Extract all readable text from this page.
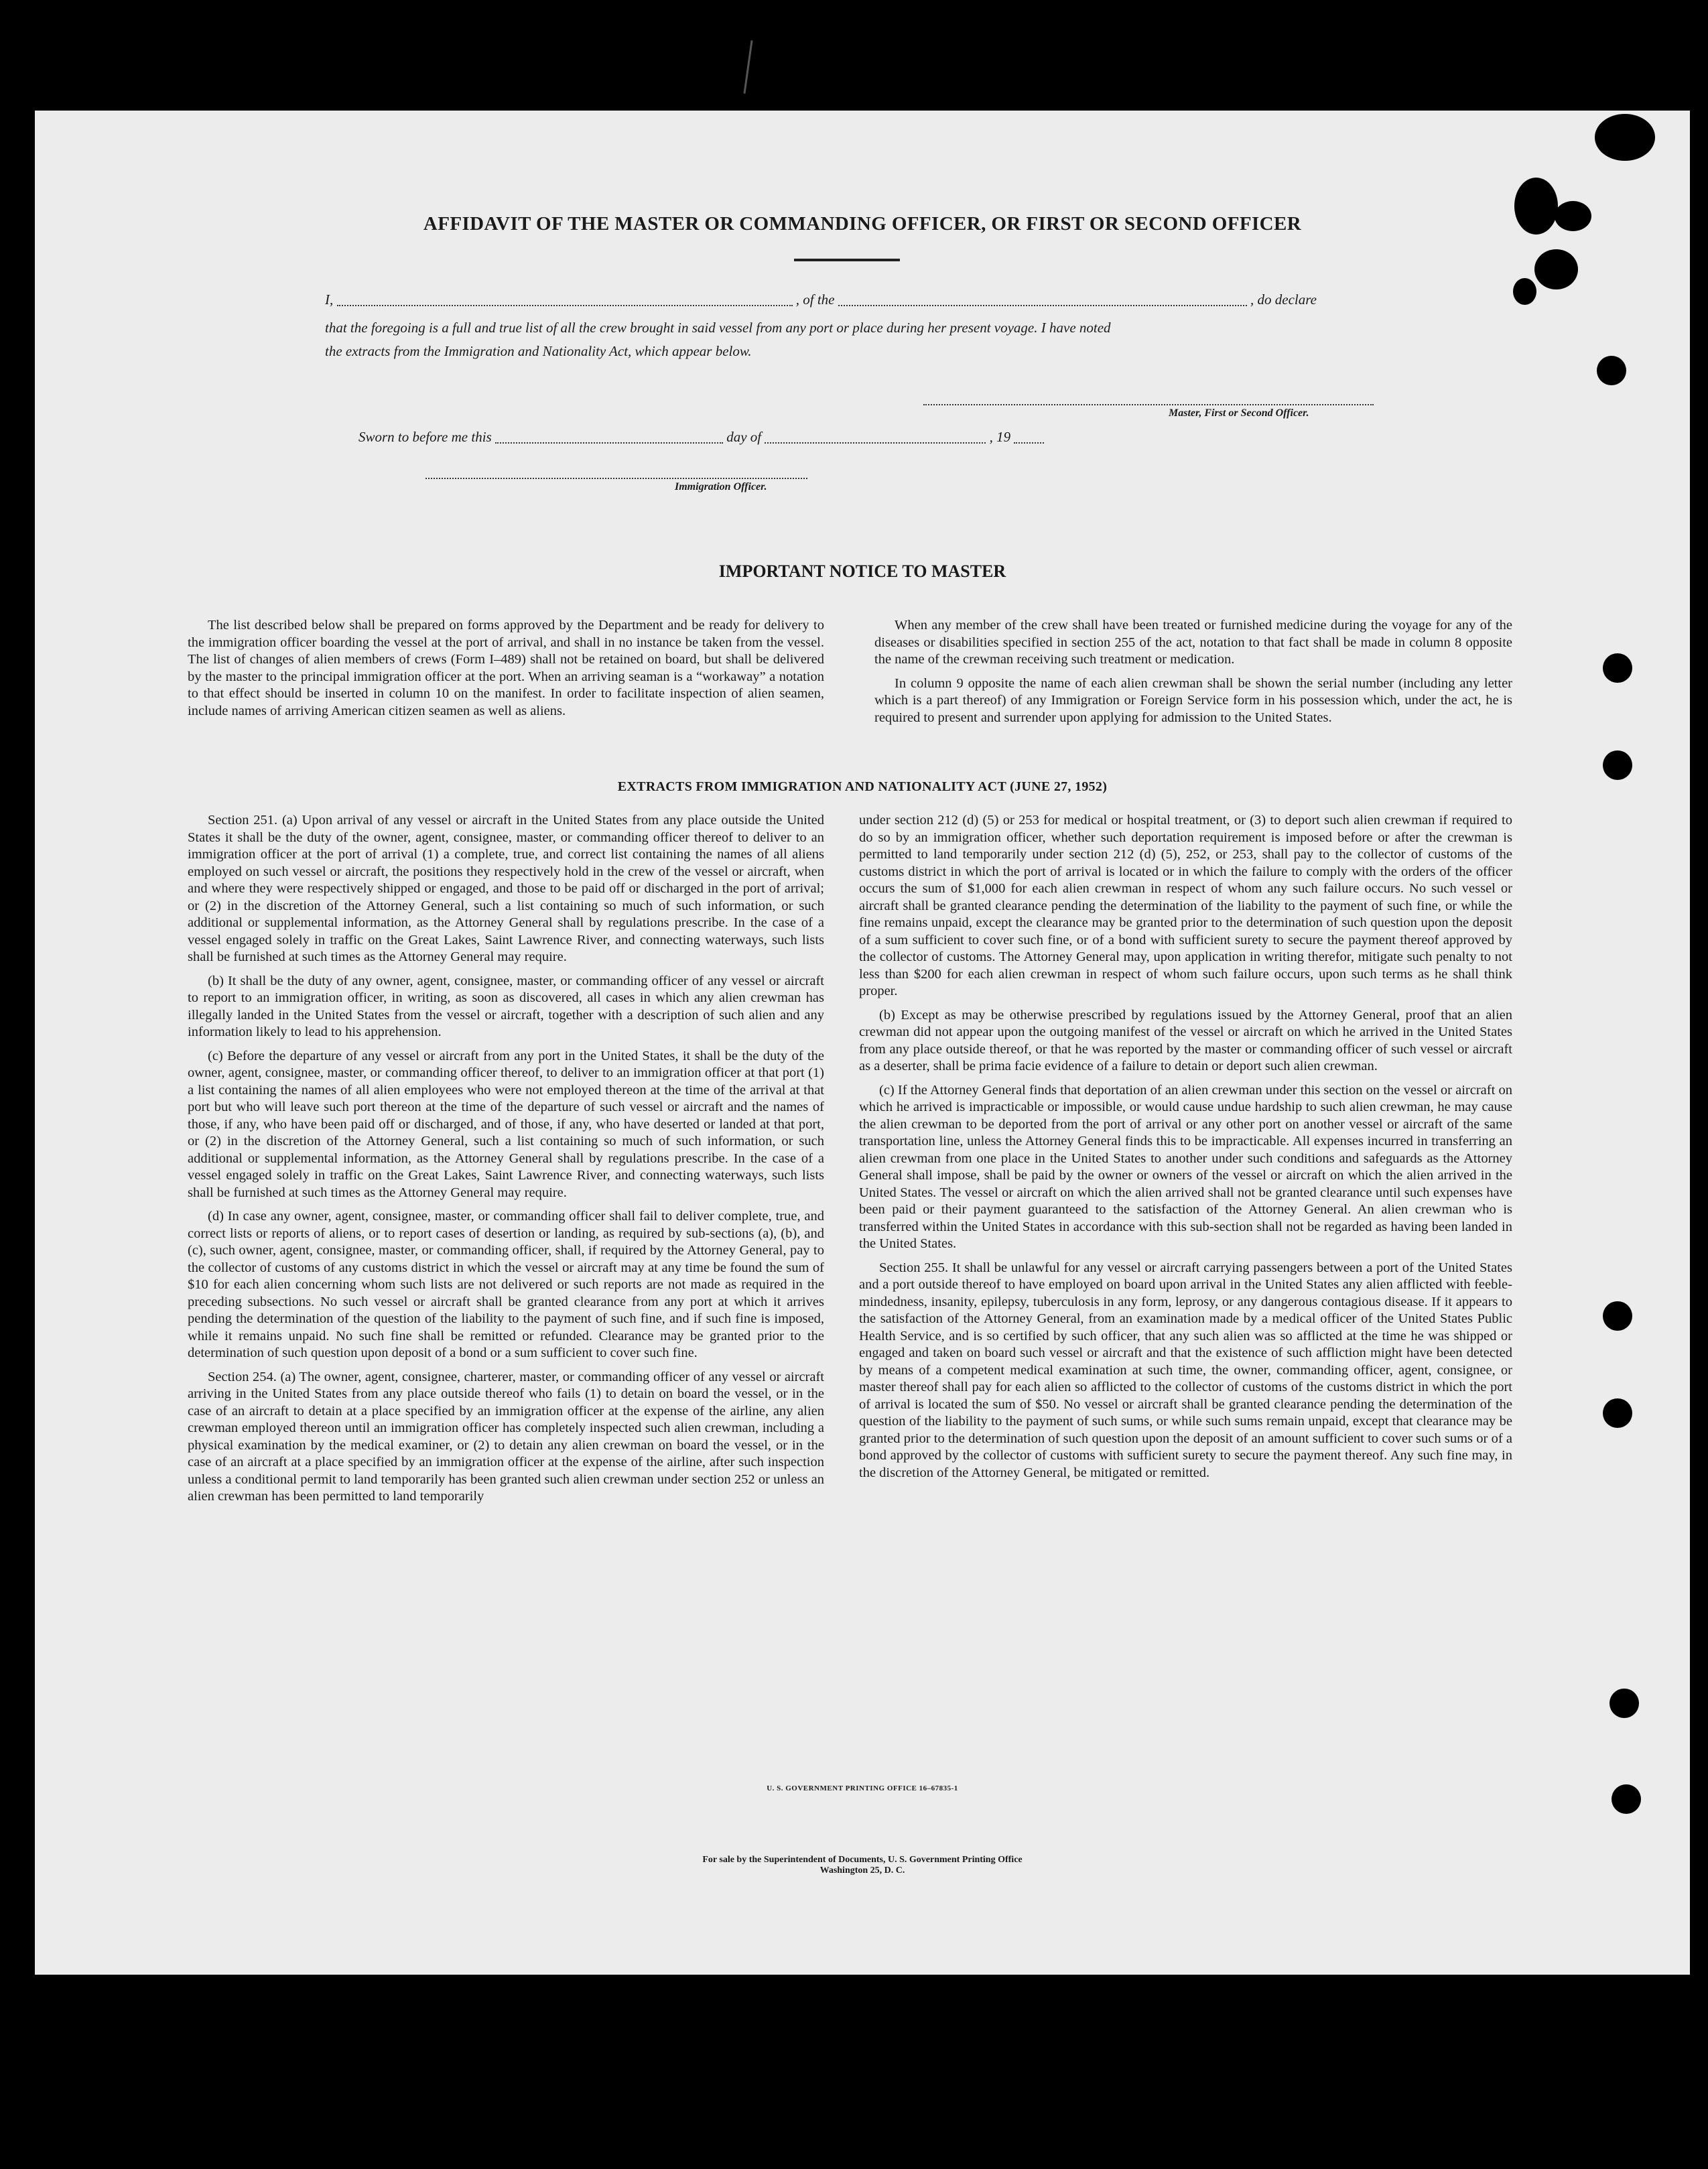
AFFIDAVIT OF THE MASTER OR COMMANDING OFFICER, OR FIRST OR SECOND OFFICER
I,	, of the	, do declare
that the foregoing is a full and true list of all the crew brought in said vessel from any port or place during her present voyage. I have noted
the extracts from the Immigration and Nationality Act, which appear below.
Master, First or Second Officer.
Sworn to before me this	day of	, 19
Immigration Officer.
IMPORTANT NOTICE TO MASTER

The list described below shall be prepared on forms approved by the Department and be ready for delivery to the immigration officer boarding the vessel at the port of arrival, and shall in no instance be taken from the vessel. The list of changes of alien members of crews (Form I–489) shall not be retained on board, but shall be delivered by the master to the principal immigration officer at the port. When an arriving seaman is a “workaway” a notation to that effect should be inserted in column 10 on the manifest. In order to facilitate inspection of alien seamen, include names of arriving American citizen seamen as well as aliens.

When any member of the crew shall have been treated or furnished medicine during the voyage for any of the diseases or disabilities specified in section 255 of the act, notation to that fact shall be made in column 8 opposite the name of the crewman receiving such treatment or medication.

In column 9 opposite the name of each alien crewman shall be shown the serial number (including any letter which is a part thereof) of any Immigration or Foreign Service form in his possession which, under the act, he is required to present and surrender upon applying for admission to the United States.

EXTRACTS FROM IMMIGRATION AND NATIONALITY ACT (JUNE 27, 1952)

Section 251. (a) Upon arrival of any vessel or aircraft in the United States from any place outside the United States it shall be the duty of the owner, agent, consignee, master, or commanding officer thereof to deliver to an immigration officer at the port of arrival (1) a complete, true, and correct list containing the names of all aliens employed on such vessel or aircraft, the positions they respectively hold in the crew of the vessel or aircraft, when and where they were respectively shipped or engaged, and those to be paid off or discharged in the port of arrival; or (2) in the discretion of the Attorney General, such a list containing so much of such information, or such additional or supplemental information, as the Attorney General shall by regulations prescribe. In the case of a vessel engaged solely in traffic on the Great Lakes, Saint Lawrence River, and connecting waterways, such lists shall be furnished at such times as the Attorney General may require.

(b) It shall be the duty of any owner, agent, consignee, master, or commanding officer of any vessel or aircraft to report to an immigration officer, in writing, as soon as discovered, all cases in which any alien crewman has illegally landed in the United States from the vessel or aircraft, together with a description of such alien and any information likely to lead to his apprehension.

(c) Before the departure of any vessel or aircraft from any port in the United States, it shall be the duty of the owner, agent, consignee, master, or commanding officer thereof, to deliver to an immigration officer at that port (1) a list containing the names of all alien employees who were not employed thereon at the time of the arrival at that port but who will leave such port thereon at the time of the departure of such vessel or aircraft and the names of those, if any, who have been paid off or discharged, and of those, if any, who have deserted or landed at that port, or (2) in the discretion of the Attorney General, such a list containing so much of such information, or such additional or supplemental information, as the Attorney General shall by regulations prescribe. In the case of a vessel engaged solely in traffic on the Great Lakes, Saint Lawrence River, and connecting waterways, such lists shall be furnished at such times as the Attorney General may require.

(d) In case any owner, agent, consignee, master, or commanding officer shall fail to deliver complete, true, and correct lists or reports of aliens, or to report cases of desertion or landing, as required by sub-sections (a), (b), and (c), such owner, agent, consignee, master, or commanding officer, shall, if required by the Attorney General, pay to the collector of customs of any customs district in which the vessel or aircraft may at any time be found the sum of $10 for each alien concerning whom such lists are not delivered or such reports are not made as required in the preceding subsections. No such vessel or aircraft shall be granted clearance from any port at which it arrives pending the determination of the question of the liability to the payment of such fine, and if such fine is imposed, while it remains unpaid. No such fine shall be remitted or refunded. Clearance may be granted prior to the determination of such question upon deposit of a bond or a sum sufficient to cover such fine.

Section 254. (a) The owner, agent, consignee, charterer, master, or commanding officer of any vessel or aircraft arriving in the United States from any place outside thereof who fails (1) to detain on board the vessel, or in the case of an aircraft to detain at a place specified by an immigration officer at the expense of the airline, any alien crewman employed thereon until an immigration officer has completely inspected such alien crewman, including a physical examination by the medical examiner, or (2) to detain any alien crewman on board the vessel, or in the case of an aircraft at a place specified by an immigration officer at the expense of the airline, after such inspection unless a conditional permit to land temporarily has been granted such alien crewman under section 252 or unless an alien crewman has been permitted to land temporarily

under section 212 (d) (5) or 253 for medical or hospital treatment, or (3) to deport such alien crewman if required to do so by an immigration officer, whether such deportation requirement is imposed before or after the crewman is permitted to land temporarily under section 212 (d) (5), 252, or 253, shall pay to the collector of customs of the customs district in which the port of arrival is located or in which the failure to comply with the orders of the officer occurs the sum of $1,000 for each alien crewman in respect of whom any such failure occurs. No such vessel or aircraft shall be granted clearance pending the determination of the liability to the payment of such fine, or while the fine remains unpaid, except the clearance may be granted prior to the determination of such question upon the deposit of a sum sufficient to cover such fine, or of a bond with sufficient surety to secure the payment thereof approved by the collector of customs. The Attorney General may, upon application in writing therefor, mitigate such penalty to not less than $200 for each alien crewman in respect of whom such failure occurs, upon such terms as he shall think proper.

(b) Except as may be otherwise prescribed by regulations issued by the Attorney General, proof that an alien crewman did not appear upon the outgoing manifest of the vessel or aircraft on which he arrived in the United States from any place outside thereof, or that he was reported by the master or commanding officer of such vessel or aircraft as a deserter, shall be prima facie evidence of a failure to detain or deport such alien crewman.

(c) If the Attorney General finds that deportation of an alien crewman under this section on the vessel or aircraft on which he arrived is impracticable or impossible, or would cause undue hardship to such alien crewman, he may cause the alien crewman to be deported from the port of arrival or any other port on another vessel or aircraft of the same transportation line, unless the Attorney General finds this to be impracticable. All expenses incurred in transferring an alien crewman from one place in the United States to another under such conditions and safeguards as the Attorney General shall impose, shall be paid by the owner or owners of the vessel or aircraft on which the alien arrived in the United States. The vessel or aircraft on which the alien arrived shall not be granted clearance until such expenses have been paid or their payment guaranteed to the satisfaction of the Attorney General. An alien crewman who is transferred within the United States in accordance with this sub-section shall not be regarded as having been landed in the United States.

Section 255. It shall be unlawful for any vessel or aircraft carrying passengers between a port of the United States and a port outside thereof to have employed on board upon arrival in the United States any alien afflicted with feeble-mindedness, insanity, epilepsy, tuberculosis in any form, leprosy, or any dangerous contagious disease. If it appears to the satisfaction of the Attorney General, from an examination made by a medical officer of the United States Public Health Service, and is so certified by such officer, that any such alien was so afflicted at the time he was shipped or engaged and taken on board such vessel or aircraft and that the existence of such affliction might have been detected by means of a competent medical examination at such time, the owner, commanding officer, agent, consignee, or master thereof shall pay for each alien so afflicted to the collector of customs of the customs district in which the port of arrival is located the sum of $50. No vessel or aircraft shall be granted clearance pending the determination of the question of the liability to the payment of such sums, or while such sums remain unpaid, except that clearance may be granted prior to the determination of such question upon the deposit of an amount sufficient to cover such sums or of a bond approved by the collector of customs with sufficient surety to secure the payment thereof. Any such fine may, in the discretion of the Attorney General, be mitigated or remitted.

U. S. GOVERNMENT PRINTING OFFICE 16–67835-1
For sale by the Superintendent of Documents, U. S. Government Printing Office
Washington 25, D. C.
